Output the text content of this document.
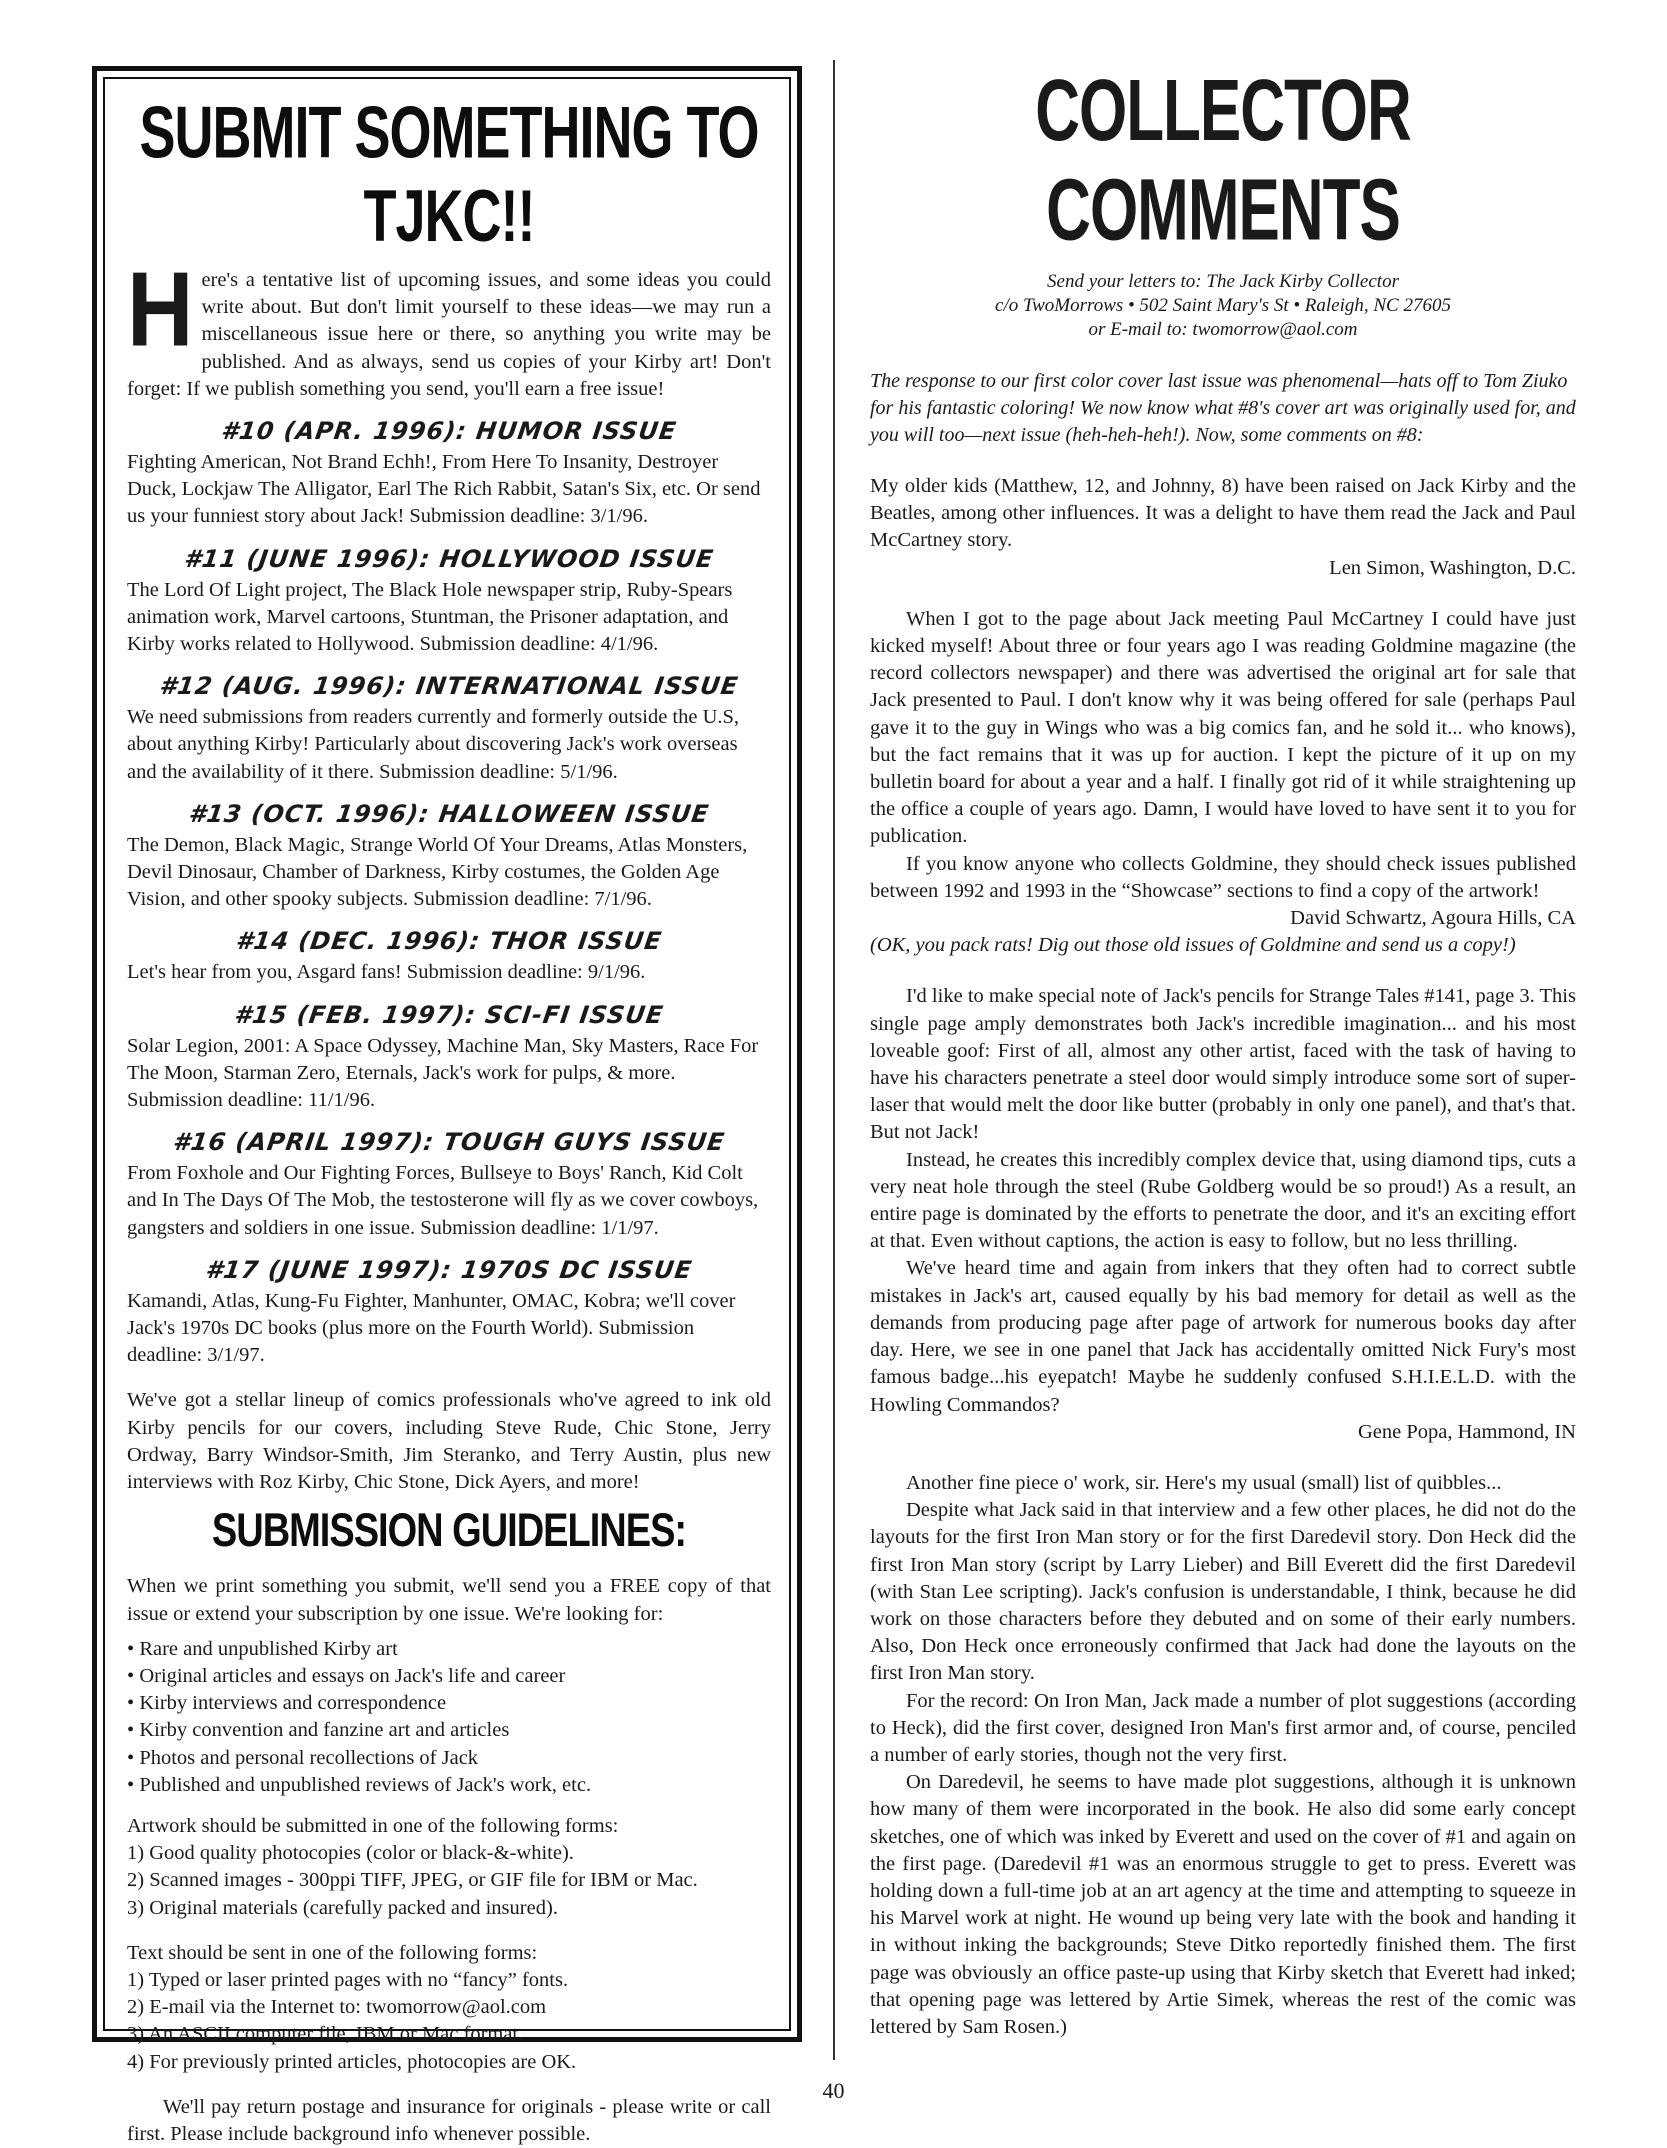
SUBMIT SOMETHING TO TJKC!!

Here's a tentative list of upcoming issues, and some ideas you could write about. But don't limit yourself to these ideas—we may run a miscellaneous issue here or there, so anything you write may be published. And as always, send us copies of your Kirby art! Don't forget: If we publish something you send, you'll earn a free issue!

#10 (APR. 1996): HUMOR ISSUE

Fighting American, Not Brand Echh!, From Here To Insanity, Destroyer Duck, Lockjaw The Alligator, Earl The Rich Rabbit, Satan's Six, etc. Or send us your funniest story about Jack! Submission deadline: 3/1/96.

#11 (JUNE 1996): HOLLYWOOD ISSUE

The Lord Of Light project, The Black Hole newspaper strip, Ruby-Spears animation work, Marvel cartoons, Stuntman, the Prisoner adaptation, and Kirby works related to Hollywood. Submission deadline: 4/1/96.

#12 (AUG. 1996): INTERNATIONAL ISSUE

We need submissions from readers currently and formerly outside the U.S, about anything Kirby! Particularly about discovering Jack's work overseas and the availability of it there. Submission deadline: 5/1/96.

#13 (OCT. 1996): HALLOWEEN ISSUE

The Demon, Black Magic, Strange World Of Your Dreams, Atlas Monsters, Devil Dinosaur, Chamber of Darkness, Kirby costumes, the Golden Age Vision, and other spooky subjects. Submission deadline: 7/1/96.

#14 (DEC. 1996): THOR ISSUE

Let's hear from you, Asgard fans! Submission deadline: 9/1/96.

#15 (FEB. 1997): SCI-FI ISSUE

Solar Legion, 2001: A Space Odyssey, Machine Man, Sky Masters, Race For The Moon, Starman Zero, Eternals, Jack's work for pulps, & more. Submission deadline: 11/1/96.

#16 (APRIL 1997): TOUGH GUYS ISSUE

From Foxhole and Our Fighting Forces, Bullseye to Boys' Ranch, Kid Colt and In The Days Of The Mob, the testosterone will fly as we cover cowboys, gangsters and soldiers in one issue. Submission deadline: 1/1/97.

#17 (JUNE 1997): 1970S DC ISSUE

Kamandi, Atlas, Kung-Fu Fighter, Manhunter, OMAC, Kobra; we'll cover Jack's 1970s DC books (plus more on the Fourth World). Submission deadline: 3/1/97.

We've got a stellar lineup of comics professionals who've agreed to ink old Kirby pencils for our covers, including Steve Rude, Chic Stone, Jerry Ordway, Barry Windsor-Smith, Jim Steranko, and Terry Austin, plus new interviews with Roz Kirby, Chic Stone, Dick Ayers, and more!

SUBMISSION GUIDELINES:

When we print something you submit, we'll send you a FREE copy of that issue or extend your subscription by one issue. We're looking for:

• Rare and unpublished Kirby art
• Original articles and essays on Jack's life and career
• Kirby interviews and correspondence
• Kirby convention and fanzine art and articles
• Photos and personal recollections of Jack
• Published and unpublished reviews of Jack's work, etc.

Artwork should be submitted in one of the following forms:

1) Good quality photocopies (color or black-&-white).

2) Scanned images - 300ppi TIFF, JPEG, or GIF file for IBM or Mac.

3) Original materials (carefully packed and insured).

Text should be sent in one of the following forms:

1) Typed or laser printed pages with no “fancy” fonts.

2) E-mail via the Internet to: twomorrow@aol.com

3) An ASCII computer file, IBM or Mac format.

4) For previously printed articles, photocopies are OK.

We'll pay return postage and insurance for originals - please write or call first. Please include background info whenever possible.

COLLECTOR COMMENTS
Send your letters to: The Jack Kirby Collector
c/o TwoMorrows • 502 Saint Mary's St • Raleigh, NC 27605
or E-mail to: twomorrow@aol.com

The response to our first color cover last issue was phenomenal—hats off to Tom Ziuko for his fantastic coloring! We now know what #8's cover art was originally used for, and you will too—next issue (heh-heh-heh!). Now, some comments on #8:

My older kids (Matthew, 12, and Johnny, 8) have been raised on Jack Kirby and the Beatles, among other influences. It was a delight to have them read the Jack and Paul McCartney story.

Len Simon, Washington, D.C.

When I got to the page about Jack meeting Paul McCartney I could have just kicked myself! About three or four years ago I was reading Goldmine magazine (the record collectors newspaper) and there was advertised the original art for sale that Jack presented to Paul. I don't know why it was being offered for sale (perhaps Paul gave it to the guy in Wings who was a big comics fan, and he sold it... who knows), but the fact remains that it was up for auction. I kept the picture of it up on my bulletin board for about a year and a half. I finally got rid of it while straightening up the office a couple of years ago. Damn, I would have loved to have sent it to you for publication.

If you know anyone who collects Goldmine, they should check issues published between 1992 and 1993 in the “Showcase” sections to find a copy of the artwork!

David Schwartz, Agoura Hills, CA

(OK, you pack rats! Dig out those old issues of Goldmine and send us a copy!)

I'd like to make special note of Jack's pencils for Strange Tales #141, page 3. This single page amply demonstrates both Jack's incredible imagination... and his most loveable goof: First of all, almost any other artist, faced with the task of having to have his characters penetrate a steel door would simply introduce some sort of super-laser that would melt the door like butter (probably in only one panel), and that's that. But not Jack!

Instead, he creates this incredibly complex device that, using diamond tips, cuts a very neat hole through the steel (Rube Goldberg would be so proud!) As a result, an entire page is dominated by the efforts to penetrate the door, and it's an exciting effort at that. Even without captions, the action is easy to follow, but no less thrilling.

We've heard time and again from inkers that they often had to correct subtle mistakes in Jack's art, caused equally by his bad memory for detail as well as the demands from producing page after page of artwork for numerous books day after day. Here, we see in one panel that Jack has accidentally omitted Nick Fury's most famous badge...his eyepatch! Maybe he suddenly confused S.H.I.E.L.D. with the Howling Commandos?

Gene Popa, Hammond, IN

Another fine piece o' work, sir. Here's my usual (small) list of quibbles...

Despite what Jack said in that interview and a few other places, he did not do the layouts for the first Iron Man story or for the first Daredevil story. Don Heck did the first Iron Man story (script by Larry Lieber) and Bill Everett did the first Daredevil (with Stan Lee scripting). Jack's confusion is understandable, I think, because he did work on those characters before they debuted and on some of their early numbers. Also, Don Heck once erroneously confirmed that Jack had done the layouts on the first Iron Man story.

For the record: On Iron Man, Jack made a number of plot suggestions (according to Heck), did the first cover, designed Iron Man's first armor and, of course, penciled a number of early stories, though not the very first.

On Daredevil, he seems to have made plot suggestions, although it is unknown how many of them were incorporated in the book. He also did some early concept sketches, one of which was inked by Everett and used on the cover of #1 and again on the first page. (Daredevil #1 was an enormous struggle to get to press. Everett was holding down a full-time job at an art agency at the time and attempting to squeeze in his Marvel work at night. He wound up being very late with the book and handing it in without inking the backgrounds; Steve Ditko reportedly finished them. The first page was obviously an office paste-up using that Kirby sketch that Everett had inked; that opening page was lettered by Artie Simek, whereas the rest of the comic was lettered by Sam Rosen.)

40
